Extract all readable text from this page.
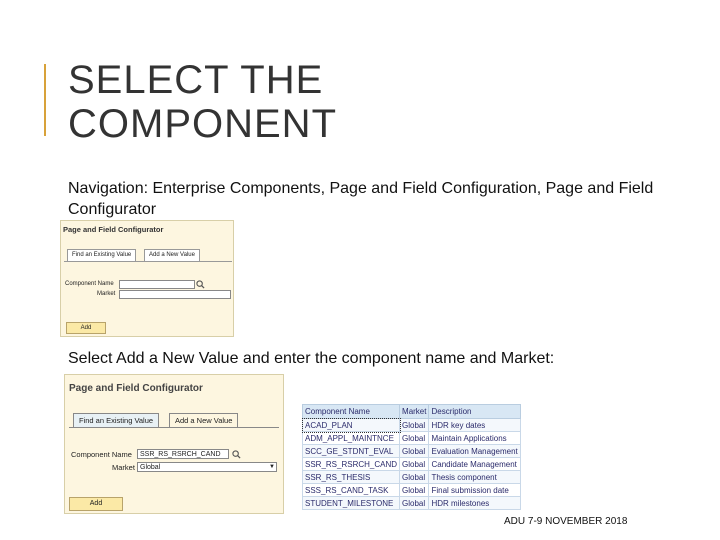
SELECT THE
COMPONENT

Navigation: Enterprise Components, Page and Field Configuration, Page and Field Configurator

Page and Field Configurator
Find an Existing Value	Add a New Value
Component Name
Market
Add

Select Add a New Value and enter the component name and Market:

Page and Field Configurator
Find an Existing Value	Add a New Value
Component Name	SSR_RS_RSRCH_CAND
Market Global	▼
Add
Component Name	Market	Description
ACAD_PLAN	Global	HDR key dates
ADM_APPL_MAINTNCE	Global	Maintain Applications
SCC_GE_STDNT_EVAL	Global	Evaluation Management
SSR_RS_RSRCH_CAND	Global	Candidate Management
SSR_RS_THESIS	Global	Thesis component
SSS_RS_CAND_TASK	Global	Final submission date
STUDENT_MILESTONE	Global	HDR milestones
ADU 7-9 NOVEMBER 2018
